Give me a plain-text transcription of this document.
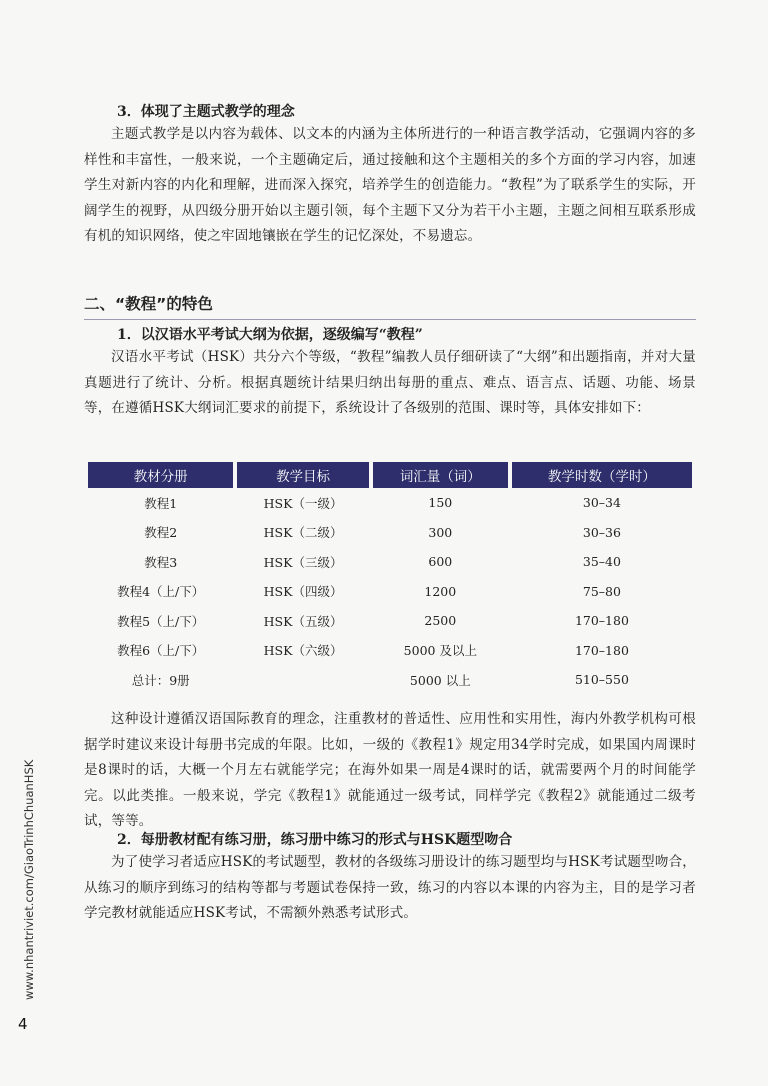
3．体现了主题式教学的理念

主题式教学是以内容为载体、以文本的内涵为主体所进行的一种语言教学活动，它强调内容的多样性和丰富性，一般来说，一个主题确定后，通过接触和这个主题相关的多个方面的学习内容，加速学生对新内容的内化和理解，进而深入探究，培养学生的创造能力。“教程”为了联系学生的实际，开阔学生的视野，从四级分册开始以主题引领，每个主题下又分为若干小主题，主题之间相互联系形成有机的知识网络，使之牢固地镶嵌在学生的记忆深处，不易遗忘。

二、“教程”的特色
1．以汉语水平考试大纲为依据，逐级编写“教程”

汉语水平考试（HSK）共分六个等级，“教程”编教人员仔细研读了“大纲”和出题指南，并对大量真题进行了统计、分析。根据真题统计结果归纳出每册的重点、难点、语言点、话题、功能、场景等，在遵循HSK大纲词汇要求的前提下，系统设计了各级别的范围、课时等，具体安排如下：

教材分册	教学目标	词汇量（词）	教学时数（学时）
教程1	HSK（一级）	150	30–34
教程2	HSK（二级）	300	30–36
教程3	HSK（三级）	600	35–40
教程4（上/下）	HSK（四级）	1200	75–80
教程5（上/下）	HSK（五级）	2500	170–180
教程6（上/下）	HSK（六级）	5000 及以上	170–180
总计：9册		5000 以上	510–550

这种设计遵循汉语国际教育的理念，注重教材的普适性、应用性和实用性，海内外教学机构可根据学时建议来设计每册书完成的年限。比如，一级的《教程1》规定用34学时完成，如果国内周课时是8课时的话，大概一个月左右就能学完；在海外如果一周是4课时的话，就需要两个月的时间能学完。以此类推。一般来说，学完《教程1》就能通过一级考试，同样学完《教程2》就能通过二级考试，等等。

2．每册教材配有练习册，练习册中练习的形式与HSK题型吻合

为了使学习者适应HSK的考试题型，教材的各级练习册设计的练习题型均与HSK考试题型吻合，从练习的顺序到练习的结构等都与考题试卷保持一致，练习的内容以本课的内容为主，目的是学习者学完教材就能适应HSK考试，不需额外熟悉考试形式。

www.nhantriviet.com/GiaoTrinhChuanHSK
4
